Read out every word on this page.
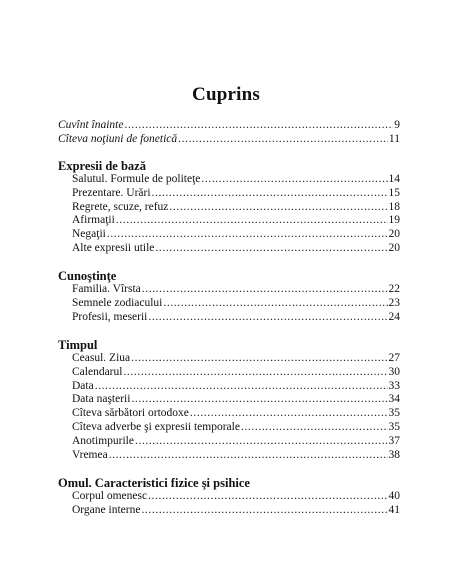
Cuprins
Cuvînt înainte .....	9
Cîteva noţiuni de fonetică .....	11
Expresii de bază
Salutul. Formule de politeţe .....	14
Prezentare. Urări .....	15
Regrete, scuze, refuz .....	18
Afirmaţii .....	19
Negaţii .....	20
Alte expresii utile .....	20
Cunoştinţe
Familia. Vîrsta .....	22
Semnele zodiacului .....	23
Profesii, meserii .....	24
Timpul
Ceasul. Ziua .....	27
Calendarul .....	30
Data .....	33
Data naşterii .....	34
Cîteva sărbători ortodoxe .....	35
Cîteva adverbe şi expresii temporale .....	35
Anotimpurile .....	37
Vremea .....	38
Omul. Caracteristici fizice şi psihice
Corpul omenesc .....	40
Organe interne .....	41
